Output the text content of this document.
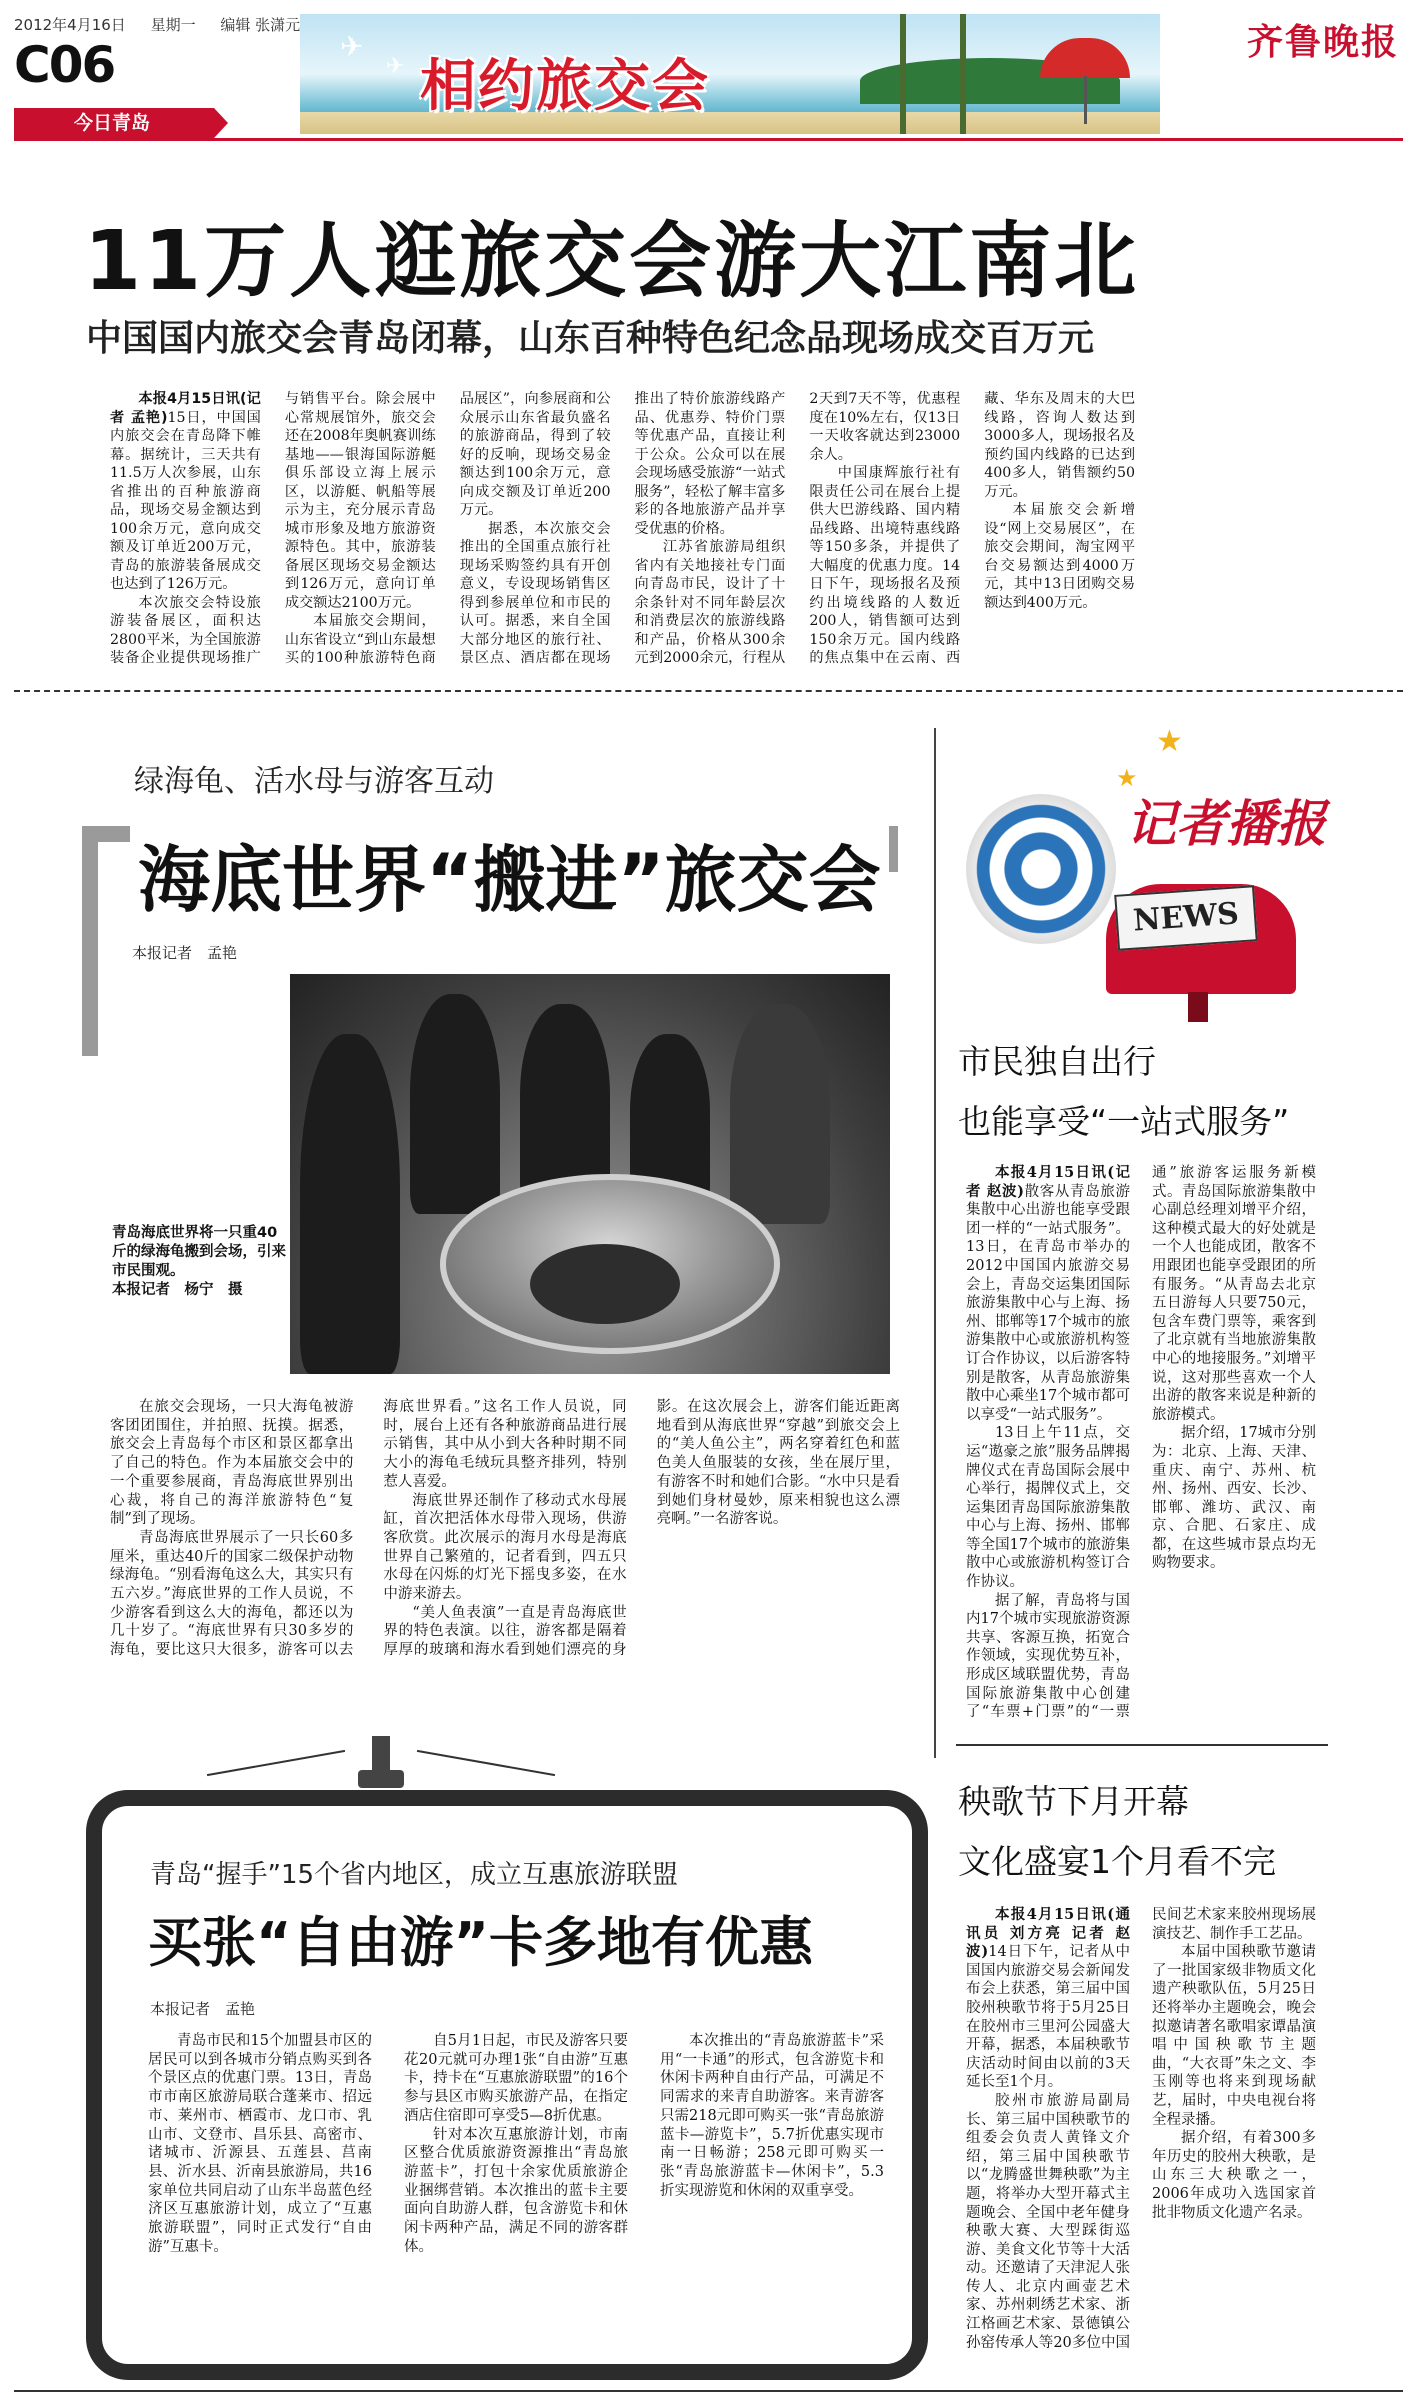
2012年4月16日 星期一 编辑 张潇元
C06
今日青岛
✈
✈ 相约旅交会
齐鲁晚报
11万人逛旅交会游大江南北
中国国内旅交会青岛闭幕，山东百种特色纪念品现场成交百万元

本报4月15日讯(记者 孟艳)15日，中国国内旅交会在青岛降下帷幕。据统计，三天共有11.5万人次参展，山东省推出的百种旅游商品，现场交易金额达到100余万元，意向成交额及订单近200万元，青岛的旅游装备展成交也达到了126万元。

本次旅交会特设旅游装备展区，面积达2800平米，为全国旅游装备企业提供现场推广与销售平台。除会展中心常规展馆外，旅交会还在2008年奥帆赛训练基地——银海国际游艇俱乐部设立海上展示区，以游艇、帆船等展示为主，充分展示青岛城市形象及地方旅游资源特色。其中，旅游装备展区现场交易金额达到126万元，意向订单成交额达2100万元。

本届旅交会期间，山东省设立“到山东最想买的100种旅游特色商品展区”，向参展商和公众展示山东省最负盛名的旅游商品，得到了较好的反响，现场交易金额达到100余万元，意向成交额及订单近200万元。

据悉，本次旅交会推出的全国重点旅行社现场采购签约具有开创意义，专设现场销售区得到参展单位和市民的认可。据悉，来自全国大部分地区的旅行社、景区点、酒店都在现场推出了特价旅游线路产品、优惠券、特价门票等优惠产品，直接让利于公众。公众可以在展会现场感受旅游“一站式服务”，轻松了解丰富多彩的各地旅游产品并享受优惠的价格。

江苏省旅游局组织省内有关地接社专门面向青岛市民，设计了十余条针对不同年龄层次和消费层次的旅游线路和产品，价格从300余元到2000余元，行程从2天到7天不等，优惠程度在10%左右，仅13日一天收客就达到23000余人。

中国康辉旅行社有限责任公司在展台上提供大巴游线路、国内精品线路、出境特惠线路等150多条，并提供了大幅度的优惠力度。14日下午，现场报名及预约出境线路的人数近200人，销售额可达到150余万元。国内线路的焦点集中在云南、西藏、华东及周末的大巴线路，咨询人数达到3000多人，现场报名及预约国内线路的已达到400多人，销售额约50万元。

本届旅交会新增设“网上交易展区”，在旅交会期间，淘宝网平台交易额达到4000万元，其中13日团购交易额达到400万元。

绿海龟、活水母与游客互动
海底世界“搬进”旅交会
本报记者　孟艳
青岛海底世界将一只重40斤的绿海龟搬到会场，引来市民围观。
本报记者　杨宁　摄

在旅交会现场，一只大海龟被游客团团围住，并拍照、抚摸。据悉，旅交会上青岛每个市区和景区都拿出了自己的特色。作为本届旅交会中的一个重要参展商，青岛海底世界别出心裁，将自己的海洋旅游特色“复制”到了现场。

青岛海底世界展示了一只长60多厘米，重达40斤的国家二级保护动物绿海龟。“别看海龟这么大，其实只有五六岁。”海底世界的工作人员说，不少游客看到这么大的海龟，都还以为几十岁了。“海底世界有只30多岁的海龟，要比这只大很多，游客可以去海底世界看。”这名工作人员说，同时，展台上还有各种旅游商品进行展示销售，其中从小到大各种时期不同大小的海龟毛绒玩具整齐排列，特别惹人喜爱。

海底世界还制作了移动式水母展缸，首次把活体水母带入现场，供游客欣赏。此次展示的海月水母是海底世界自己繁殖的，记者看到，四五只水母在闪烁的灯光下摇曳多姿，在水中游来游去。

“美人鱼表演”一直是青岛海底世界的特色表演。以往，游客都是隔着厚厚的玻璃和海水看到她们漂亮的身影。在这次展会上，游客们能近距离地看到从海底世界“穿越”到旅交会上的“美人鱼公主”，两名穿着红色和蓝色美人鱼服装的女孩，坐在展厅里，有游客不时和她们合影。“水中只是看到她们身材曼妙，原来相貌也这么漂亮啊。”一名游客说。

★
★
记者播报
NEWS
市民独自出行
也能享受“一站式服务”

本报4月15日讯(记者 赵波)散客从青岛旅游集散中心出游也能享受跟团一样的“一站式服务”。13日，在青岛市举办的2012中国国内旅游交易会上，青岛交运集团国际旅游集散中心与上海、扬州、邯郸等17个城市的旅游集散中心或旅游机构签订合作协议，以后游客特别是散客，从青岛旅游集散中心乘坐17个城市都可以享受“一站式服务”。

13日上午11点，交运“遨豪之旅”服务品牌揭牌仪式在青岛国际会展中心举行，揭牌仪式上，交运集团青岛国际旅游集散中心与上海、扬州、邯郸等全国17个城市的旅游集散中心或旅游机构签订合作协议。

据了解，青岛将与国内17个城市实现旅游资源共享、客源互换，拓宽合作领域，实现优势互补，形成区域联盟优势，青岛国际旅游集散中心创建了“车票+门票”的“一票通”旅游客运服务新模式。青岛国际旅游集散中心副总经理刘增平介绍，这种模式最大的好处就是一个人也能成团，散客不用跟团也能享受跟团的所有服务。“从青岛去北京五日游每人只要750元，包含车费门票等，乘客到了北京就有当地旅游集散中心的地接服务。”刘增平说，这对那些喜欢一个人出游的散客来说是种新的旅游模式。

据介绍，17城市分别为：北京、上海、天津、重庆、南宁、苏州、杭州、扬州、西安、长沙、邯郸、潍坊、武汉、南京、合肥、石家庄、成都，在这些城市景点均无购物要求。

秧歌节下月开幕
文化盛宴1个月看不完

本报4月15日讯(通讯员 刘方亮 记者 赵波)14日下午，记者从中国国内旅游交易会新闻发布会上获悉，第三届中国胶州秧歌节将于5月25日在胶州市三里河公园盛大开幕，据悉，本届秧歌节庆活动时间由以前的3天延长至1个月。

胶州市旅游局副局长、第三届中国秧歌节的组委会负责人黄锋文介绍，第三届中国秧歌节以“龙腾盛世舞秧歌”为主题，将举办大型开幕式主题晚会、全国中老年健身秧歌大赛、大型踩街巡游、美食文化节等十大活动。还邀请了天津泥人张传人、北京内画壶艺术家、苏州刺绣艺术家、浙江格画艺术家、景德镇公孙窑传承人等20多位中国民间艺术家来胶州现场展演技艺、制作手工艺品。

本届中国秧歌节邀请了一批国家级非物质文化遗产秧歌队伍，5月25日还将举办主题晚会，晚会拟邀请著名歌唱家谭晶演唱中国秧歌节主题曲，“大衣哥”朱之文、李玉刚等也将来到现场献艺，届时，中央电视台将全程录播。

据介绍，有着300多年历史的胶州大秧歌，是山东三大秧歌之一，2006年成功入选国家首批非物质文化遗产名录。

青岛“握手”15个省内地区，成立互惠旅游联盟
买张“自由游”卡多地有优惠
本报记者　孟艳

青岛市民和15个加盟县市区的居民可以到各城市分销点购买到各个景区点的优惠门票。13日，青岛市市南区旅游局联合蓬莱市、招远市、莱州市、栖霞市、龙口市、乳山市、文登市、昌乐县、高密市、诸城市、沂源县、五莲县、莒南县、沂水县、沂南县旅游局，共16家单位共同启动了山东半岛蓝色经济区互惠旅游计划，成立了“互惠旅游联盟”，同时正式发行“自由游”互惠卡。

自5月1日起，市民及游客只要花20元就可办理1张“自由游”互惠卡，持卡在“互惠旅游联盟”的16个参与县区市购买旅游产品，在指定酒店住宿即可享受5—8折优惠。

针对本次互惠旅游计划，市南区整合优质旅游资源推出“青岛旅游蓝卡”，打包十余家优质旅游企业捆绑营销。本次推出的蓝卡主要面向自助游人群，包含游览卡和休闲卡两种产品，满足不同的游客群体。

本次推出的“青岛旅游蓝卡”采用“一卡通”的形式，包含游览卡和休闲卡两种自由行产品，可满足不同需求的来青自助游客。来青游客只需218元即可购买一张“青岛旅游蓝卡—游览卡”，5.7折优惠实现市南一日畅游；258元即可购买一张“青岛旅游蓝卡—休闲卡”，5.3折实现游览和休闲的双重享受。
